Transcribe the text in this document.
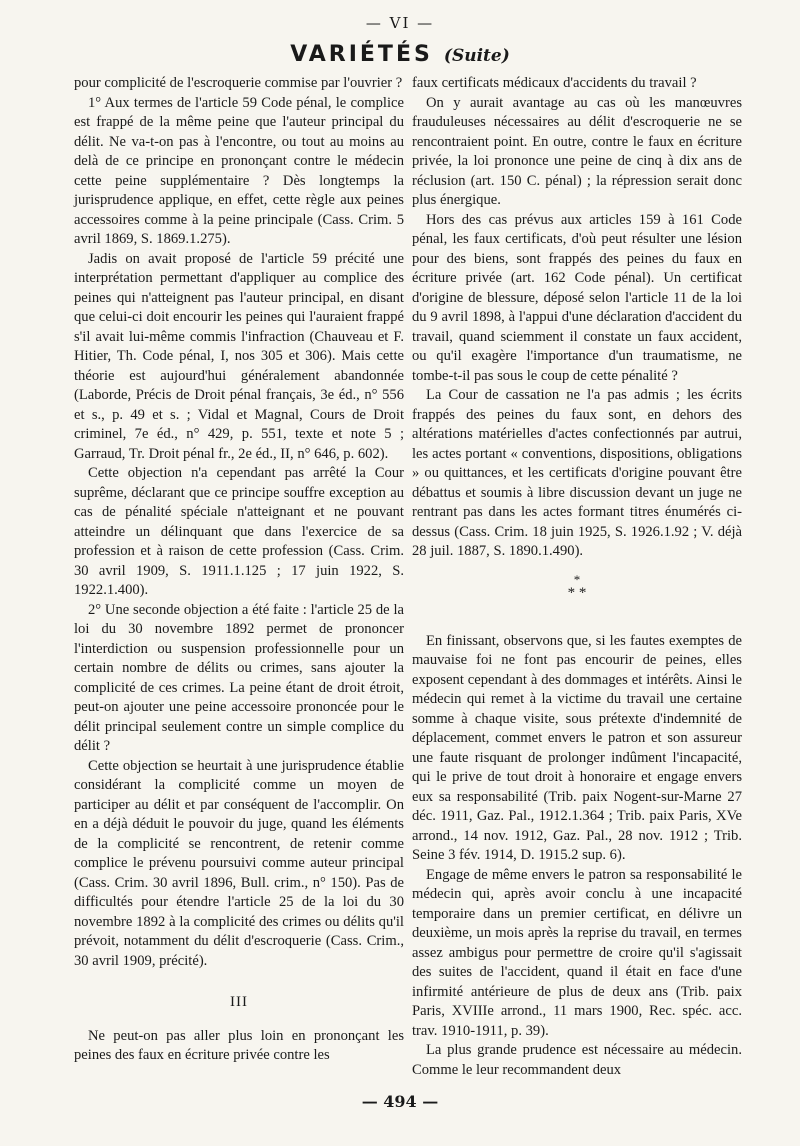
— VI —
VARIÉTÉS (Suite)

pour complicité de l'escroquerie commise par l'ouvrier ?

1° Aux termes de l'article 59 Code pénal, le complice est frappé de la même peine que l'auteur principal du délit. Ne va-t-on pas à l'encontre, ou tout au moins au delà de ce principe en prononçant contre le médecin cette peine supplémentaire ? Dès longtemps la jurisprudence applique, en effet, cette règle aux peines accessoires comme à la peine principale (Cass. Crim. 5 avril 1869, S. 1869.1.275).

Jadis on avait proposé de l'article 59 précité une interprétation permettant d'appliquer au complice des peines qui n'atteignent pas l'auteur principal, en disant que celui-ci doit encourir les peines qui l'auraient frappé s'il avait lui-même commis l'infraction (Chauveau et F. Hitier, Th. Code pénal, I, nos 305 et 306). Mais cette théorie est aujourd'hui généralement abandonnée (Laborde, Précis de Droit pénal français, 3e éd., n° 556 et s., p. 49 et s. ; Vidal et Magnal, Cours de Droit criminel, 7e éd., n° 429, p. 551, texte et note 5 ; Garraud, Tr. Droit pénal fr., 2e éd., II, n° 646, p. 602).

Cette objection n'a cependant pas arrêté la Cour suprême, déclarant que ce principe souffre exception au cas de pénalité spéciale n'atteignant et ne pouvant atteindre un délinquant que dans l'exercice de sa profession et à raison de cette profession (Cass. Crim. 30 avril 1909, S. 1911.1.125 ; 17 juin 1922, S. 1922.1.400).

2° Une seconde objection a été faite : l'article 25 de la loi du 30 novembre 1892 permet de prononcer l'interdiction ou suspension professionnelle pour un certain nombre de délits ou crimes, sans ajouter la complicité de ces crimes. La peine étant de droit étroit, peut-on ajouter une peine accessoire prononcée pour le délit principal seulement contre un simple complice du délit ?

Cette objection se heurtait à une jurisprudence établie considérant la complicité comme un moyen de participer au délit et par conséquent de l'accomplir. On en a déjà déduit le pouvoir du juge, quand les éléments de la complicité se rencontrent, de retenir comme complice le prévenu poursuivi comme auteur principal (Cass. Crim. 30 avril 1896, Bull. crim., n° 150). Pas de difficultés pour étendre l'article 25 de la loi du 30 novembre 1892 à la complicité des crimes ou délits qu'il prévoit, notamment du délit d'escroquerie (Cass. Crim., 30 avril 1909, précité).

III

Ne peut-on pas aller plus loin en prononçant les peines des faux en écriture privée contre les

faux certificats médicaux d'accidents du travail ?

On y aurait avantage au cas où les manœuvres frauduleuses nécessaires au délit d'escroquerie ne se rencontraient point. En outre, contre le faux en écriture privée, la loi prononce une peine de cinq à dix ans de réclusion (art. 150 C. pénal) ; la répression serait donc plus énergique.

Hors des cas prévus aux articles 159 à 161 Code pénal, les faux certificats, d'où peut résulter une lésion pour des biens, sont frappés des peines du faux en écriture privée (art. 162 Code pénal). Un certificat d'origine de blessure, déposé selon l'article 11 de la loi du 9 avril 1898, à l'appui d'une déclaration d'accident du travail, quand sciemment il constate un faux accident, ou qu'il exagère l'importance d'un traumatisme, ne tombe-t-il pas sous le coup de cette pénalité ?

La Cour de cassation ne l'a pas admis ; les écrits frappés des peines du faux sont, en dehors des altérations matérielles d'actes confectionnés par autrui, les actes portant « conventions, dispositions, obligations » ou quittances, et les certificats d'origine pouvant être débattus et soumis à libre discussion devant un juge ne rentrant pas dans les actes formant titres énumérés ci-dessus (Cass. Crim. 18 juin 1925, S. 1926.1.92 ; V. déjà 28 juil. 1887, S. 1890.1.490).

*
* *

En finissant, observons que, si les fautes exemptes de mauvaise foi ne font pas encourir de peines, elles exposent cependant à des dommages et intérêts. Ainsi le médecin qui remet à la victime du travail une certaine somme à chaque visite, sous prétexte d'indemnité de déplacement, commet envers le patron et son assureur une faute risquant de prolonger indûment l'incapacité, qui le prive de tout droit à honoraire et engage envers eux sa responsabilité (Trib. paix Nogent-sur-Marne 27 déc. 1911, Gaz. Pal., 1912.1.364 ; Trib. paix Paris, XVe arrond., 14 nov. 1912, Gaz. Pal., 28 nov. 1912 ; Trib. Seine 3 fév. 1914, D. 1915.2 sup. 6).

Engage de même envers le patron sa responsabilité le médecin qui, après avoir conclu à une incapacité temporaire dans un premier certificat, en délivre un deuxième, un mois après la reprise du travail, en termes assez ambigus pour permettre de croire qu'il s'agissait des suites de l'accident, quand il était en face d'une infirmité antérieure de plus de deux ans (Trib. paix Paris, XVIIIe arrond., 11 mars 1900, Rec. spéc. acc. trav. 1910-1911, p. 39).

La plus grande prudence est nécessaire au médecin. Comme le leur recommandent deux

— 494 —
